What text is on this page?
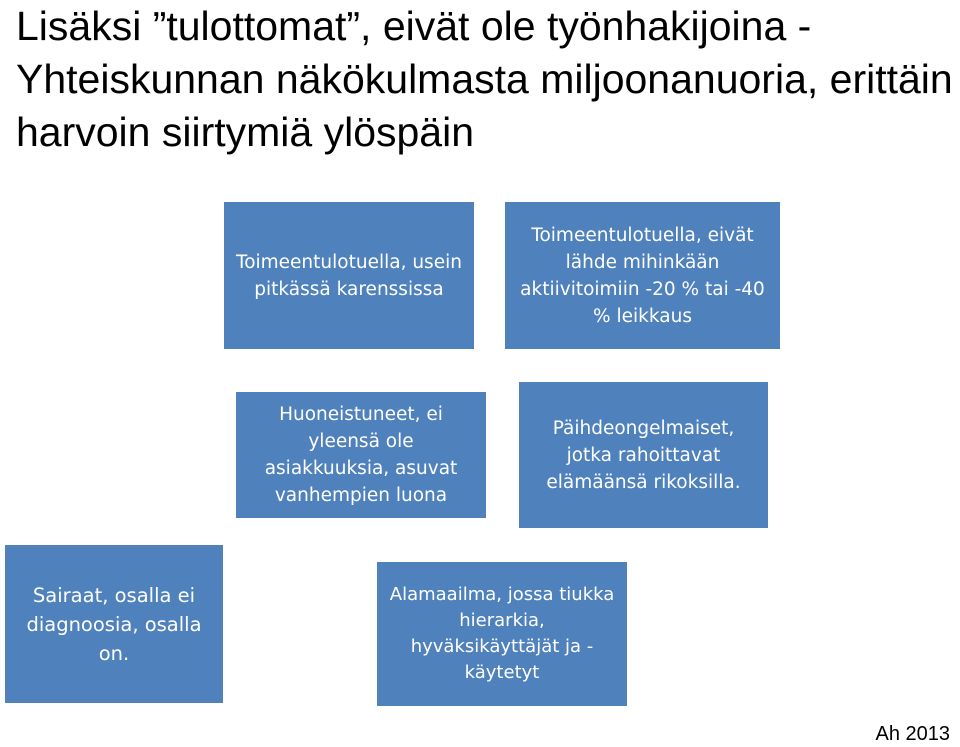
Lisäksi ”tulottomat”, eivät ole työnhakijoina - Yhteiskunnan näkökulmasta miljoonanuoria, erittäin harvoin siirtymiä ylöspäin
Toimeentulotuella, usein pitkässä karenssissa
Toimeentulotuella, eivät lähde mihinkään aktiivitoimiin -20 % tai -40 % leikkaus
Huoneistuneet, ei yleensä ole asiakkuuksia, asuvat vanhempien luona
Päihdeongelmaiset, jotka rahoittavat elämäänsä rikoksilla.
Sairaat, osalla ei diagnoosia, osalla on.
Alamaailma, jossa tiukka hierarkia, hyväksikäyttäjät ja -käytetyt
Ah 2013
